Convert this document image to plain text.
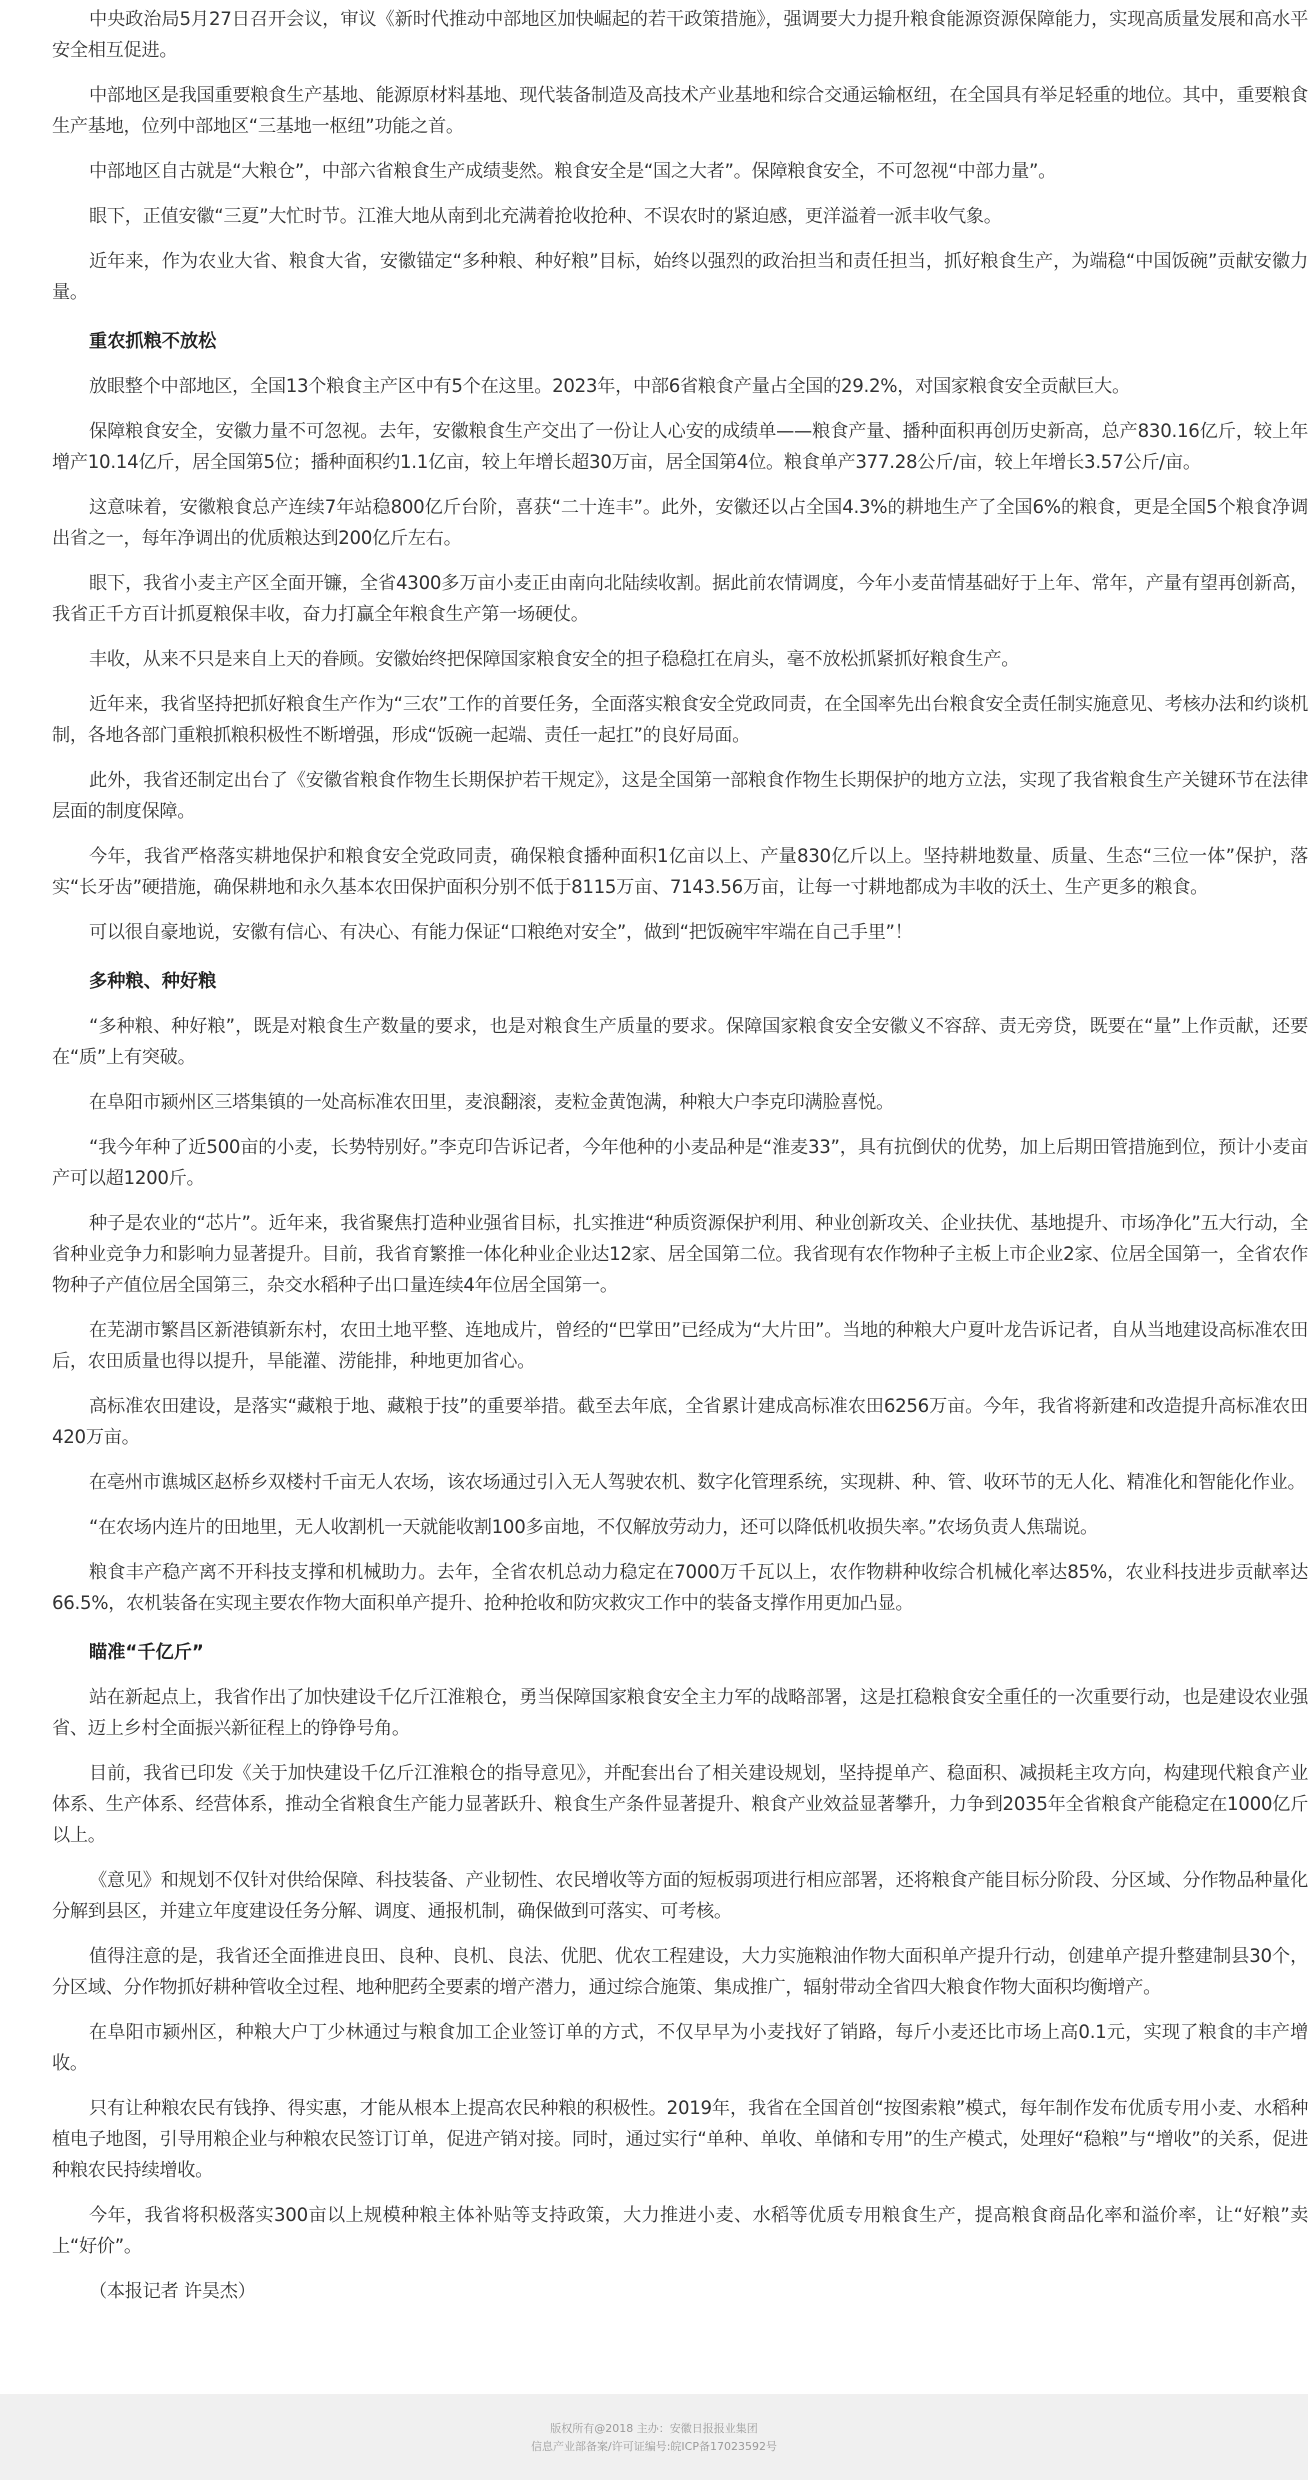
中央政治局5月27日召开会议，审议《新时代推动中部地区加快崛起的若干政策措施》，强调要大力提升粮食能源资源保障能力，实现高质量发展和高水平安全相互促进。

中部地区是我国重要粮食生产基地、能源原材料基地、现代装备制造及高技术产业基地和综合交通运输枢纽，在全国具有举足轻重的地位。其中，重要粮食生产基地，位列中部地区“三基地一枢纽”功能之首。

中部地区自古就是“大粮仓”，中部六省粮食生产成绩斐然。粮食安全是“国之大者”。保障粮食安全，不可忽视“中部力量”。

眼下，正值安徽“三夏”大忙时节。江淮大地从南到北充满着抢收抢种、不误农时的紧迫感，更洋溢着一派丰收气象。

近年来，作为农业大省、粮食大省，安徽锚定“多种粮、种好粮”目标，始终以强烈的政治担当和责任担当，抓好粮食生产，为端稳“中国饭碗”贡献安徽力量。

重农抓粮不放松

放眼整个中部地区，全国13个粮食主产区中有5个在这里。2023年，中部6省粮食产量占全国的29.2%，对国家粮食安全贡献巨大。

保障粮食安全，安徽力量不可忽视。去年，安徽粮食生产交出了一份让人心安的成绩单——粮食产量、播种面积再创历史新高，总产830.16亿斤，较上年增产10.14亿斤，居全国第5位；播种面积约1.1亿亩，较上年增长超30万亩，居全国第4位。粮食单产377.28公斤/亩，较上年增长3.57公斤/亩。

这意味着，安徽粮食总产连续7年站稳800亿斤台阶，喜获“二十连丰”。此外，安徽还以占全国4.3%的耕地生产了全国6%的粮食，更是全国5个粮食净调出省之一，每年净调出的优质粮达到200亿斤左右。

眼下，我省小麦主产区全面开镰，全省4300多万亩小麦正由南向北陆续收割。据此前农情调度，今年小麦苗情基础好于上年、常年，产量有望再创新高，我省正千方百计抓夏粮保丰收，奋力打赢全年粮食生产第一场硬仗。

丰收，从来不只是来自上天的眷顾。安徽始终把保障国家粮食安全的担子稳稳扛在肩头，毫不放松抓紧抓好粮食生产。

近年来，我省坚持把抓好粮食生产作为“三农”工作的首要任务，全面落实粮食安全党政同责，在全国率先出台粮食安全责任制实施意见、考核办法和约谈机制，各地各部门重粮抓粮积极性不断增强，形成“饭碗一起端、责任一起扛”的良好局面。

此外，我省还制定出台了《安徽省粮食作物生长期保护若干规定》，这是全国第一部粮食作物生长期保护的地方立法，实现了我省粮食生产关键环节在法律层面的制度保障。

今年，我省严格落实耕地保护和粮食安全党政同责，确保粮食播种面积1亿亩以上、产量830亿斤以上。坚持耕地数量、质量、生态“三位一体”保护，落实“长牙齿”硬措施，确保耕地和永久基本农田保护面积分别不低于8115万亩、7143.56万亩，让每一寸耕地都成为丰收的沃土、生产更多的粮食。

可以很自豪地说，安徽有信心、有决心、有能力保证“口粮绝对安全”，做到“把饭碗牢牢端在自己手里”！

多种粮、种好粮

“多种粮、种好粮”，既是对粮食生产数量的要求，也是对粮食生产质量的要求。保障国家粮食安全安徽义不容辞、责无旁贷，既要在“量”上作贡献，还要在“质”上有突破。

在阜阳市颍州区三塔集镇的一处高标准农田里，麦浪翻滚，麦粒金黄饱满，种粮大户李克印满脸喜悦。

“我今年种了近500亩的小麦，长势特别好。”李克印告诉记者，今年他种的小麦品种是“淮麦33”，具有抗倒伏的优势，加上后期田管措施到位，预计小麦亩产可以超1200斤。

种子是农业的“芯片”。近年来，我省聚焦打造种业强省目标，扎实推进“种质资源保护利用、种业创新攻关、企业扶优、基地提升、市场净化”五大行动，全省种业竞争力和影响力显著提升。目前，我省育繁推一体化种业企业达12家、居全国第二位。我省现有农作物种子主板上市企业2家、位居全国第一，全省农作物种子产值位居全国第三，杂交水稻种子出口量连续4年位居全国第一。

在芜湖市繁昌区新港镇新东村，农田土地平整、连地成片，曾经的“巴掌田”已经成为“大片田”。当地的种粮大户夏叶龙告诉记者，自从当地建设高标准农田后，农田质量也得以提升，旱能灌、涝能排，种地更加省心。

高标准农田建设，是落实“藏粮于地、藏粮于技”的重要举措。截至去年底，全省累计建成高标准农田6256万亩。今年，我省将新建和改造提升高标准农田420万亩。

在亳州市谯城区赵桥乡双楼村千亩无人农场，该农场通过引入无人驾驶农机、数字化管理系统，实现耕、种、管、收环节的无人化、精准化和智能化作业。

“在农场内连片的田地里，无人收割机一天就能收割100多亩地，不仅解放劳动力，还可以降低机收损失率。”农场负责人焦瑞说。

粮食丰产稳产离不开科技支撑和机械助力。去年，全省农机总动力稳定在7000万千瓦以上，农作物耕种收综合机械化率达85%，农业科技进步贡献率达66.5%，农机装备在实现主要农作物大面积单产提升、抢种抢收和防灾救灾工作中的装备支撑作用更加凸显。

瞄准“千亿斤”

站在新起点上，我省作出了加快建设千亿斤江淮粮仓，勇当保障国家粮食安全主力军的战略部署，这是扛稳粮食安全重任的一次重要行动，也是建设农业强省、迈上乡村全面振兴新征程上的铮铮号角。

目前，我省已印发《关于加快建设千亿斤江淮粮仓的指导意见》，并配套出台了相关建设规划，坚持提单产、稳面积、减损耗主攻方向，构建现代粮食产业体系、生产体系、经营体系，推动全省粮食生产能力显著跃升、粮食生产条件显著提升、粮食产业效益显著攀升，力争到2035年全省粮食产能稳定在1000亿斤以上。

《意见》和规划不仅针对供给保障、科技装备、产业韧性、农民增收等方面的短板弱项进行相应部署，还将粮食产能目标分阶段、分区域、分作物品种量化分解到县区，并建立年度建设任务分解、调度、通报机制，确保做到可落实、可考核。

值得注意的是，我省还全面推进良田、良种、良机、良法、优肥、优农工程建设，大力实施粮油作物大面积单产提升行动，创建单产提升整建制县30个，分区域、分作物抓好耕种管收全过程、地种肥药全要素的增产潜力，通过综合施策、集成推广，辐射带动全省四大粮食作物大面积均衡增产。

在阜阳市颍州区，种粮大户丁少林通过与粮食加工企业签订单的方式，不仅早早为小麦找好了销路，每斤小麦还比市场上高0.1元，实现了粮食的丰产增收。

只有让种粮农民有钱挣、得实惠，才能从根本上提高农民种粮的积极性。2019年，我省在全国首创“按图索粮”模式，每年制作发布优质专用小麦、水稻种植电子地图，引导用粮企业与种粮农民签订订单，促进产销对接。同时，通过实行“单种、单收、单储和专用”的生产模式，处理好“稳粮”与“增收”的关系，促进种粮农民持续增收。

今年，我省将积极落实300亩以上规模种粮主体补贴等支持政策，大力推进小麦、水稻等优质专用粮食生产，提高粮食商品化率和溢价率，让“好粮”卖上“好价”。

（本报记者 许昊杰）

版权所有@2018 主办：安徽日报报业集团
信息产业部备案/许可证编号:皖ICP备17023592号
